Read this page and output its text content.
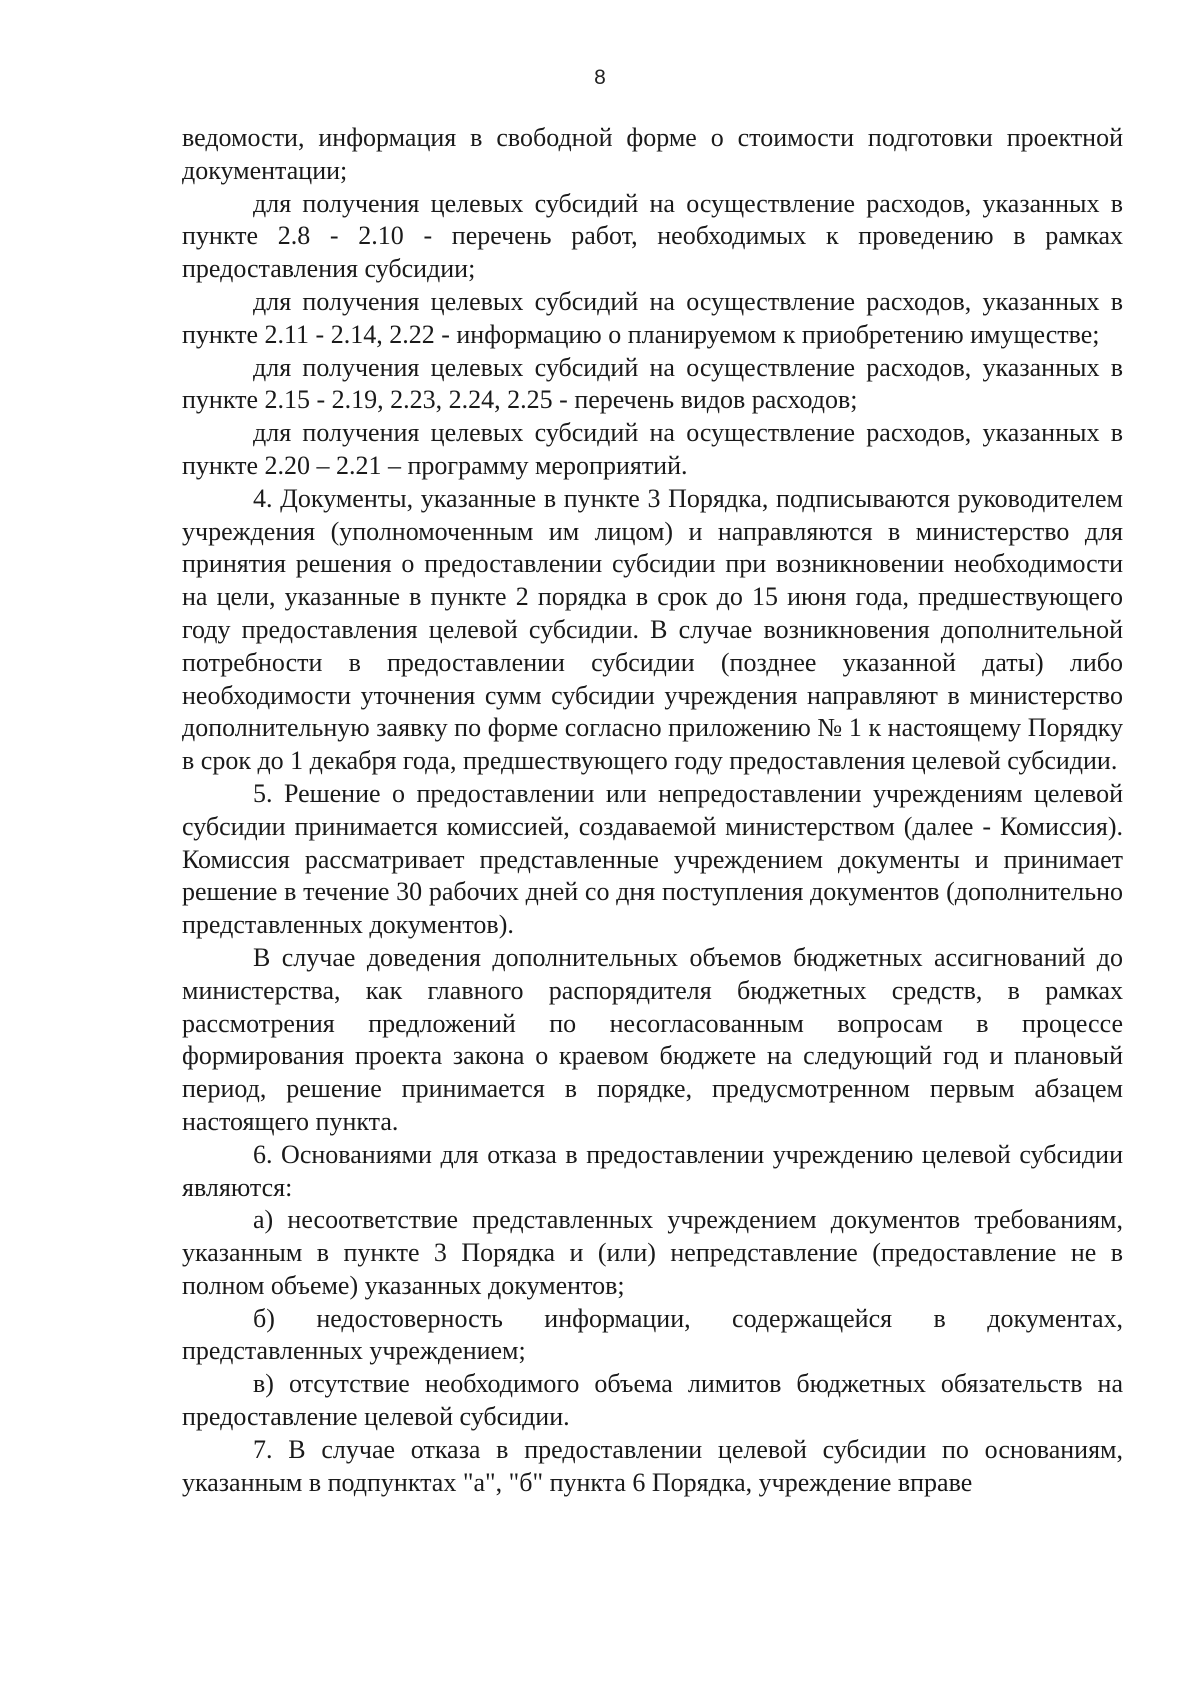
8

ведомости, информация в свободной форме о стоимости подготовки проектной документации;

для получения целевых субсидий на осуществление расходов, указанных в пункте 2.8 - 2.10 - перечень работ, необходимых к проведению в рамках предоставления субсидии;

для получения целевых субсидий на осуществление расходов, указанных в пункте 2.11 - 2.14, 2.22 - информацию о планируемом к приобретению имуществе;

для получения целевых субсидий на осуществление расходов, указанных в пункте 2.15 - 2.19, 2.23, 2.24, 2.25 - перечень видов расходов;

для получения целевых субсидий на осуществление расходов, указанных в пункте 2.20 – 2.21 – программу мероприятий.

4. Документы, указанные в пункте 3 Порядка, подписываются руководителем учреждения (уполномоченным им лицом) и направляются в министерство для принятия решения о предоставлении субсидии при возникновении необходимости на цели, указанные в пункте 2 порядка в срок до 15 июня года, предшествующего году предоставления целевой субсидии. В случае возникновения дополнительной потребности в предоставлении субсидии (позднее указанной даты) либо необходимости уточнения сумм субсидии учреждения направляют в министерство дополнительную заявку по форме согласно приложению № 1 к настоящему Порядку в срок до 1 декабря года, предшествующего году предоставления целевой субсидии.

5. Решение о предоставлении или непредоставлении учреждениям целевой субсидии принимается комиссией, создаваемой министерством (далее - Комиссия). Комиссия рассматривает представленные учреждением документы и принимает решение в течение 30 рабочих дней со дня поступления документов (дополнительно представленных документов).

В случае доведения дополнительных объемов бюджетных ассигнований до министерства, как главного распорядителя бюджетных средств, в рамках рассмотрения предложений по несогласованным вопросам в процессе формирования проекта закона о краевом бюджете на следующий год и плановый период, решение принимается в порядке, предусмотренном первым абзацем настоящего пункта.

6. Основаниями для отказа в предоставлении учреждению целевой субсидии являются:

а) несоответствие представленных учреждением документов требованиям, указанным в пункте 3 Порядка и (или) непредставление (предоставление не в полном объеме) указанных документов;

б) недостоверность информации, содержащейся в документах, представленных учреждением;

в) отсутствие необходимого объема лимитов бюджетных обязательств на предоставление целевой субсидии.

7. В случае отказа в предоставлении целевой субсидии по основаниям, указанным в подпунктах "а", "б" пункта 6 Порядка, учреждение вправе
